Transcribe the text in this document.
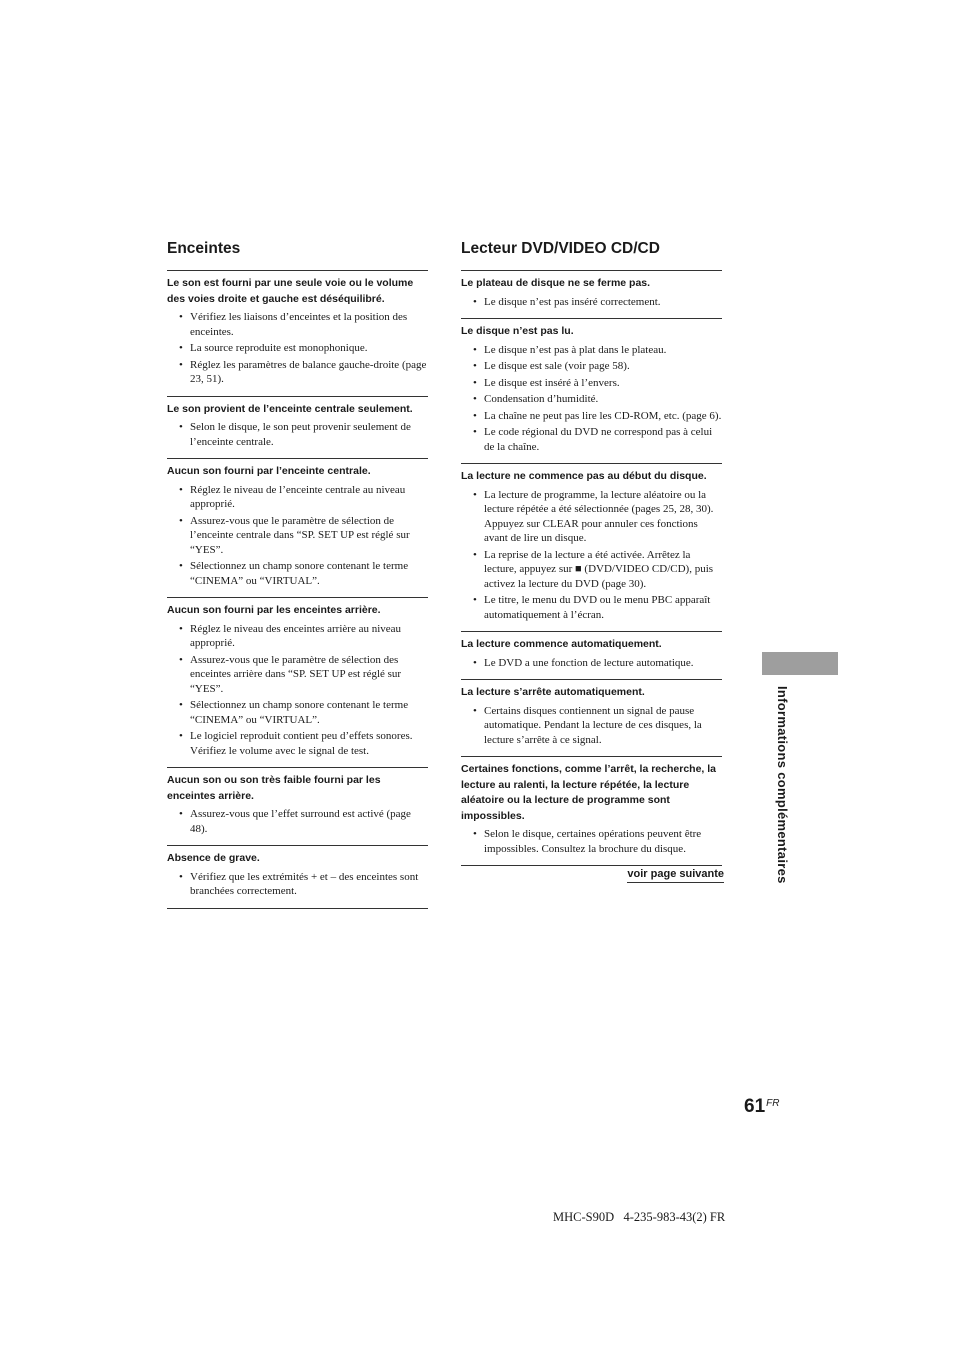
Enceintes
Le son est fourni par une seule voie ou le volume des voies droite et gauche est déséquilibré.
• Vérifiez les liaisons d’enceintes et la position des enceintes.
• La source reproduite est monophonique.
• Réglez les paramètres de balance gauche-droite (page 23, 51).
Le son provient de l’enceinte centrale seulement.
• Selon le disque, le son peut provenir seulement de l’enceinte centrale.
Aucun son fourni par l’enceinte centrale.
• Réglez le niveau de l’enceinte centrale au niveau approprié.
• Assurez-vous que le paramètre de sélection de l’enceinte centrale dans “SP. SET UP est réglé sur “YES”.
• Sélectionnez un champ sonore contenant le terme “CINEMA” ou “VIRTUAL”.
Aucun son fourni par les enceintes arrière.
• Réglez le niveau des enceintes arrière au niveau approprié.
• Assurez-vous que le paramètre de sélection des enceintes arrière dans “SP. SET UP est réglé sur “YES”.
• Sélectionnez un champ sonore contenant le terme “CINEMA” ou “VIRTUAL”.
• Le logiciel reproduit contient peu d’effets sonores. Vérifiez le volume avec le signal de test.
Aucun son ou son très faible fourni par les enceintes arrière.
• Assurez-vous que l’effet surround est activé (page 48).
Absence de grave.
• Vérifiez que les extrémités + et – des enceintes sont branchées correctement.
Lecteur DVD/VIDEO CD/CD
Le plateau de disque ne se ferme pas.
• Le disque n’est pas inséré correctement.
Le disque n’est pas lu.
• Le disque n’est pas à plat dans le plateau.
• Le disque est sale (voir page 58).
• Le disque est inséré à l’envers.
• Condensation d’humidité.
• La chaîne ne peut pas lire les CD-ROM, etc. (page 6).
• Le code régional du DVD ne correspond pas à celui de la chaîne.
La lecture ne commence pas au début du disque.
• La lecture de programme, la lecture aléatoire ou la lecture répétée a été sélectionnée (pages 25, 28, 30). Appuyez sur CLEAR pour annuler ces fonctions avant de lire un disque.
• La reprise de la lecture a été activée. Arrêtez la lecture, appuyez sur ■ (DVD/VIDEO CD/CD), puis activez la lecture du DVD (page 30).
• Le titre, le menu du DVD ou le menu PBC apparaît automatiquement à l’écran.
La lecture commence automatiquement.
• Le DVD a une fonction de lecture automatique.
La lecture s’arrête automatiquement.
• Certains disques contiennent un signal de pause automatique. Pendant la lecture de ces disques, la lecture s’arrête à ce signal.
Certaines fonctions, comme l’arrêt, la recherche, la lecture au ralenti, la lecture répétée, la lecture aléatoire ou la lecture de programme sont impossibles.
• Selon le disque, certaines opérations peuvent être impossibles. Consultez la brochure du disque.
voir page suivante	Informations complémentaires
$61^{FR}$
MHC-S90D   4-235-983-43(2) FR
